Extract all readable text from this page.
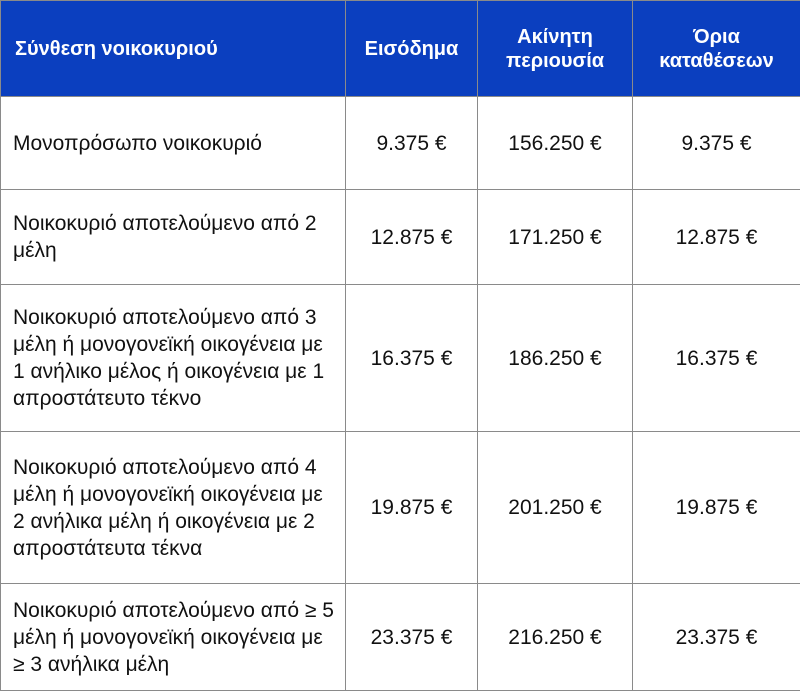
Σύνθεση νοικοκυριού	Εισόδημα	Ακίνητη περιουσία	Όρια καταθέσεων
Μονοπρόσωπο νοικοκυριό	9.375 €	156.250 €	9.375 €
Νοικοκυριό αποτελούμενο από 2 μέλη	12.875 €	171.250 €	12.875 €
Νοικοκυριό αποτελούμενο από 3 μέλη ή μονογονεϊκή οικογένεια με 1 ανήλικο μέλος ή οικογένεια με 1 απροστάτευτο τέκνο	16.375 €	186.250 €	16.375 €
Νοικοκυριό αποτελούμενο από 4 μέλη ή μονογονεϊκή οικογένεια με 2 ανήλικα μέλη ή οικογένεια με 2 απροστάτευτα τέκνα	19.875 €	201.250 €	19.875 €
Νοικοκυριό αποτελούμενο από ≥ 5 μέλη ή μονογονεϊκή οικογένεια με ≥ 3 ανήλικα μέλη	23.375 €	216.250 €	23.375 €
